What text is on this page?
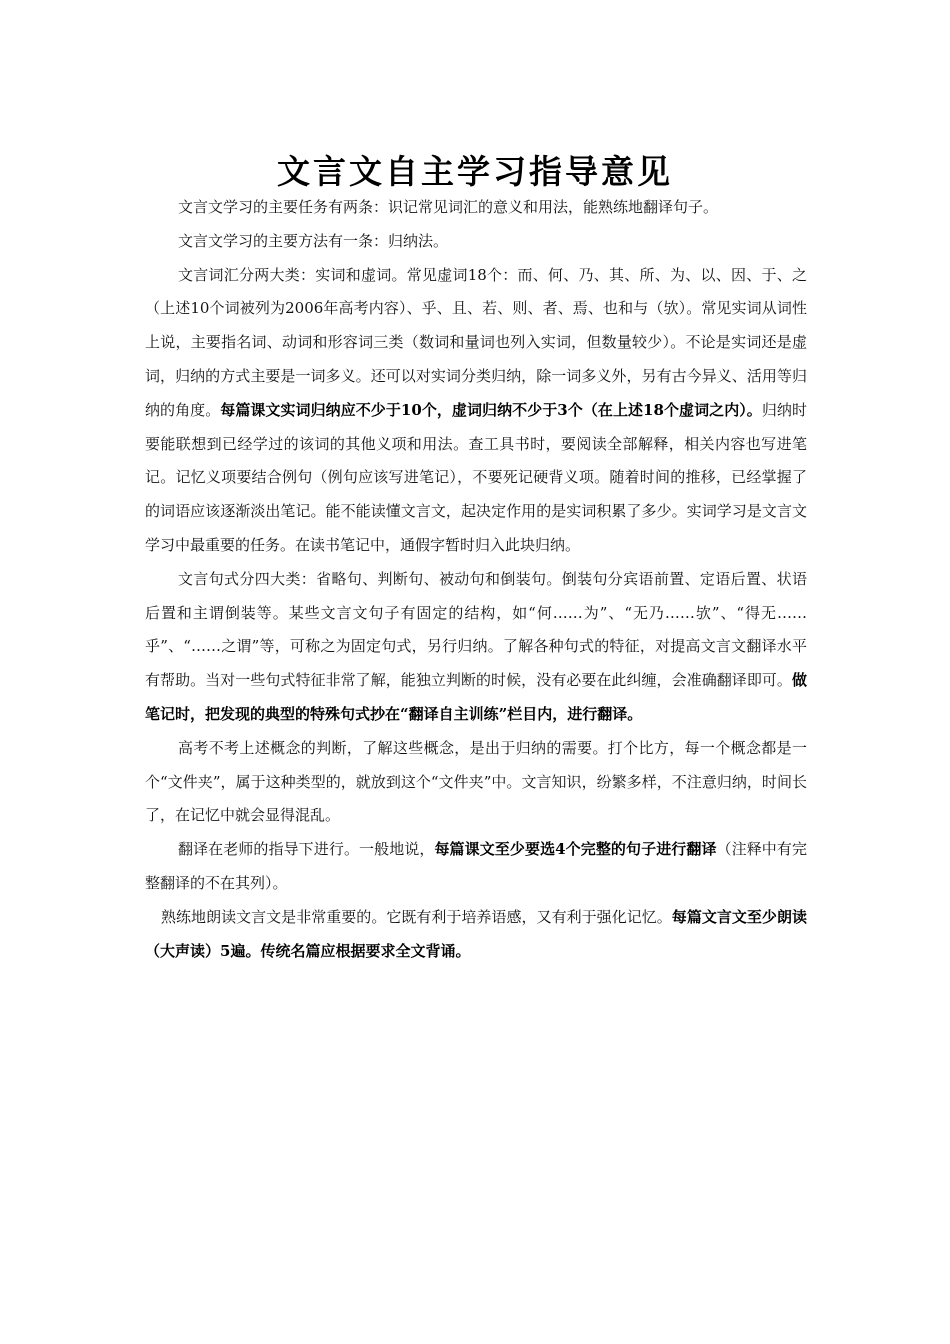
文言文自主学习指导意见

文言文学习的主要任务有两条：识记常见词汇的意义和用法，能熟练地翻译句子。

文言文学习的主要方法有一条：归纳法。

文言词汇分两大类：实词和虚词。常见虚词18个：而、何、乃、其、所、为、以、因、于、之（上述10个词被列为2006年高考内容）、乎、且、若、则、者、焉、也和与（欤）。常见实词从词性上说，主要指名词、动词和形容词三类（数词和量词也列入实词，但数量较少）。不论是实词还是虚词，归纳的方式主要是一词多义。还可以对实词分类归纳，除一词多义外，另有古今异义、活用等归纳的角度。每篇课文实词归纳应不少于10个，虚词归纳不少于3个（在上述18个虚词之内）。归纳时要能联想到已经学过的该词的其他义项和用法。查工具书时，要阅读全部解释，相关内容也写进笔记。记忆义项要结合例句（例句应该写进笔记），不要死记硬背义项。随着时间的推移，已经掌握了的词语应该逐渐淡出笔记。能不能读懂文言文，起决定作用的是实词积累了多少。实词学习是文言文学习中最重要的任务。在读书笔记中，通假字暂时归入此块归纳。

文言句式分四大类：省略句、判断句、被动句和倒装句。倒装句分宾语前置、定语后置、状语后置和主谓倒装等。某些文言文句子有固定的结构，如“何……为”、“无乃……欤”、“得无……乎”、“……之谓”等，可称之为固定句式，另行归纳。了解各种句式的特征，对提高文言文翻译水平有帮助。当对一些句式特征非常了解，能独立判断的时候，没有必要在此纠缠，会准确翻译即可。做笔记时，把发现的典型的特殊句式抄在“翻译自主训练”栏目内，进行翻译。

高考不考上述概念的判断，了解这些概念，是出于归纳的需要。打个比方，每一个概念都是一个“文件夹”，属于这种类型的，就放到这个“文件夹”中。文言知识，纷繁多样，不注意归纳，时间长了，在记忆中就会显得混乱。

翻译在老师的指导下进行。一般地说，每篇课文至少要选4个完整的句子进行翻译（注释中有完整翻译的不在其列）。

熟练地朗读文言文是非常重要的。它既有利于培养语感，又有利于强化记忆。每篇文言文至少朗读（大声读）5遍。传统名篇应根据要求全文背诵。
